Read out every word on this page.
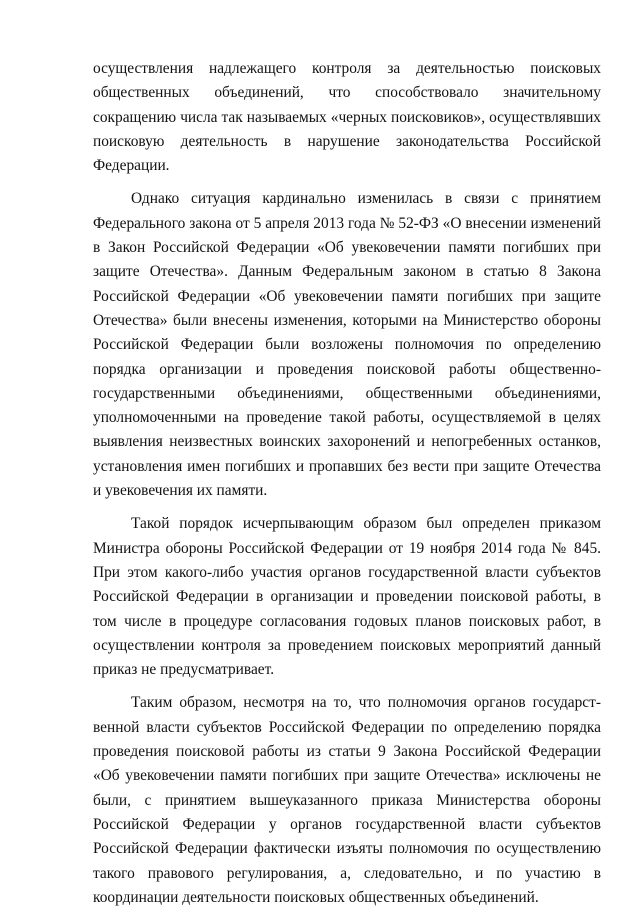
осуществления надлежащего контроля за деятельностью поисковых общественных объединений, что способствовало значительному сокращению числа так называемых «черных поисковиков», осуществлявших поисковую деятельность в нарушение законодательства Российской Федерации.

Однако ситуация кардинально изменилась в связи с принятием Федерального закона от 5 апреля 2013 года № 52-ФЗ «О внесении изменений в Закон Российской Федерации «Об увековечении памяти погибших при защите Отечества». Данным Федеральным законом в статью 8 Закона Российской Федерации «Об увековечении памяти погибших при защите Отечества» были внесены изменения, которыми на Министерство обороны Российской Федерации были возложены полномочия по определению порядка организации и проведения поисковой работы общественно-государственными объединениями, общественными объединениями, уполномоченными на проведение такой работы, осуществляемой в целях выявления неизвестных воинских захоронений и непогребенных останков, установления имен погибших и пропавших без вести при защите Отечества и увековечения их памяти.

Такой порядок исчерпывающим образом был определен приказом Министра обороны Российской Федерации от 19 ноября 2014 года № 845. При этом какого-либо участия органов государственной власти субъектов Российской Федерации в организации и проведении поисковой работы, в том числе в процедуре согласования годовых планов поисковых работ, в осуществлении контроля за проведением поисковых мероприятий данный приказ не предусматривает.

Таким образом, несмотря на то, что полномочия органов государст-венной власти субъектов Российской Федерации по определению порядка проведения поисковой работы из статьи 9 Закона Российской Федерации «Об увековечении памяти погибших при защите Отечества» исключены не были, с принятием вышеуказанного приказа Министерства обороны Российской Федерации у органов государственной власти субъектов Российской Федерации фактически изъяты полномочия по осуществлению такого правового регулирования, а, следовательно, и по участию в координации деятельности поисковых общественных объединений.
